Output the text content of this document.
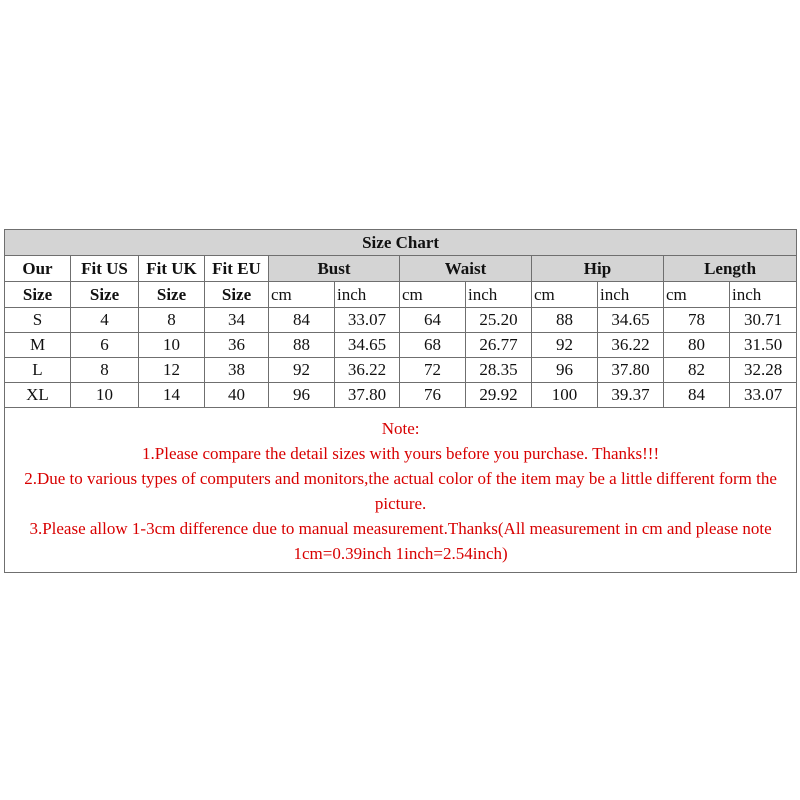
Size Chart											
Our	Fit US	Fit UK	Fit EU	Bust		Waist		Hip		Length	
Size	Size	Size	Size	cm	inch	cm	inch	cm	inch	cm	inch
S	4	8	34	84	33.07	64	25.20	88	34.65	78	30.71
M	6	10	36	88	34.65	68	26.77	92	36.22	80	31.50
L	8	12	38	92	36.22	72	28.35	96	37.80	82	32.28
XL	10	14	40	96	37.80	76	29.92	100	39.37	84	33.07

Note:
1.Please compare the detail sizes with yours before you purchase. Thanks!!!
2.Due to various types of computers and monitors,the actual color of the item may be a little different form the picture.
3.Please allow 1-3cm difference due to manual measurement.Thanks(All measurement in cm and please note 1cm=0.39inch 1inch=2.54inch)											
